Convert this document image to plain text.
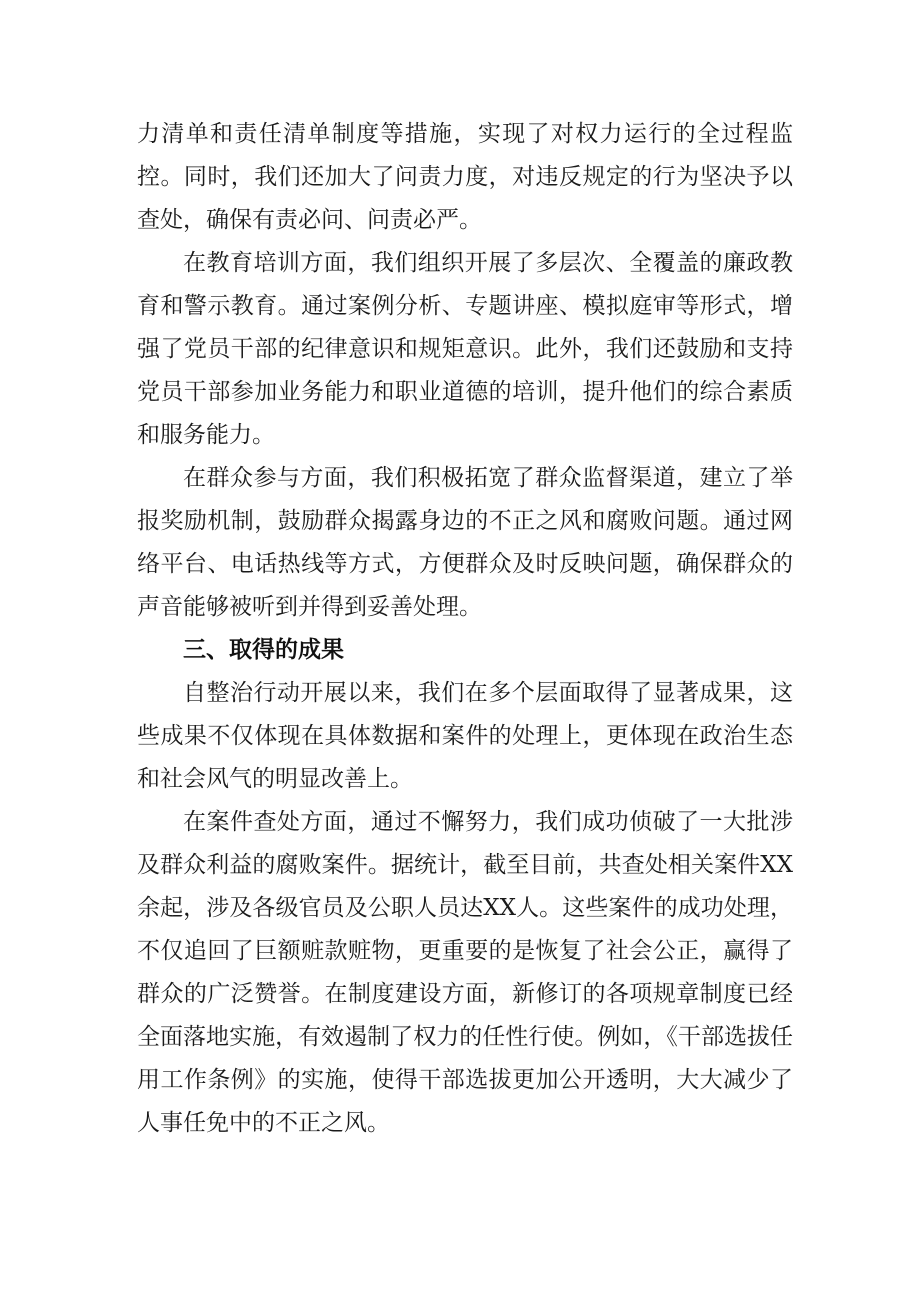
力清单和责任清单制度等措施，实现了对权力运行的全过程监控。同时，我们还加大了问责力度，对违反规定的行为坚决予以查处，确保有责必问、问责必严。

在教育培训方面，我们组织开展了多层次、全覆盖的廉政教育和警示教育。通过案例分析、专题讲座、模拟庭审等形式，增强了党员干部的纪律意识和规矩意识。此外，我们还鼓励和支持党员干部参加业务能力和职业道德的培训，提升他们的综合素质和服务能力。

在群众参与方面，我们积极拓宽了群众监督渠道，建立了举报奖励机制，鼓励群众揭露身边的不正之风和腐败问题。通过网络平台、电话热线等方式，方便群众及时反映问题，确保群众的声音能够被听到并得到妥善处理。

三、取得的成果

自整治行动开展以来，我们在多个层面取得了显著成果，这些成果不仅体现在具体数据和案件的处理上，更体现在政治生态和社会风气的明显改善上。

在案件查处方面，通过不懈努力，我们成功侦破了一大批涉及群众利益的腐败案件。据统计，截至目前，共查处相关案件XX余起，涉及各级官员及公职人员达XX人。这些案件的成功处理，不仅追回了巨额赃款赃物，更重要的是恢复了社会公正，赢得了群众的广泛赞誉。在制度建设方面，新修订的各项规章制度已经全面落地实施，有效遏制了权力的任性行使。例如，《干部选拔任用工作条例》的实施，使得干部选拔更加公开透明，大大减少了人事任免中的不正之风。
